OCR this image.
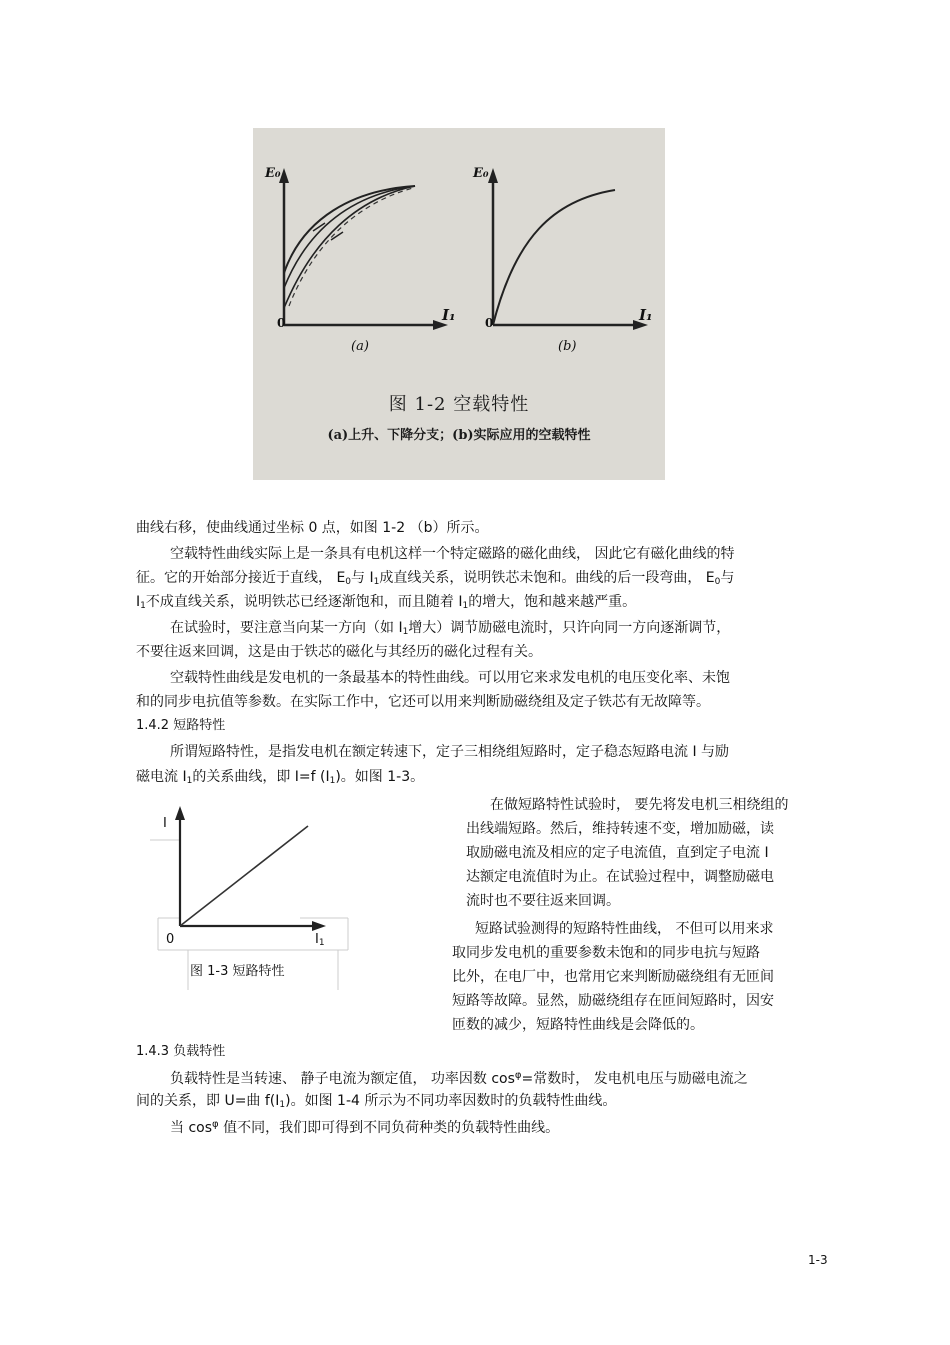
E₀
0	I₁
(a)
E₀
0	I₁
(b)
图 1-2 空载特性
(a)上升、下降分支；(b)实际应用的空载特性

曲线右移，使曲线通过坐标 0 点，如图 1-2 （b）所示。

空载特性曲线实际上是一条具有电机这样一个特定磁路的磁化曲线， 因此它有磁化曲线的特

征。它的开始部分接近于直线， $E_0$与 $I_1$成直线关系，说明铁芯未饱和。曲线的后一段弯曲， $E_0$与

$I_1$不成直线关系，说明铁芯已经逐渐饱和，而且随着 $I_1$的增大，饱和越来越严重。

在试验时，要注意当向某一方向（如 $I_1$增大）调节励磁电流时，只许向同一方向逐渐调节，

不要往返来回调，这是由于铁芯的磁化与其经历的磁化过程有关。

空载特性曲线是发电机的一条最基本的特性曲线。可以用它来求发电机的电压变化率、未饱

和的同步电抗值等参数。在实际工作中，它还可以用来判断励磁绕组及定子铁芯有无故障等。

1.4.2 短路特性

所谓短路特性，是指发电机在额定转速下，定子三相绕组短路时，定子稳态短路电流 I 与励

磁电流 $I_1$的关系曲线，即 I=f $(I_1)$。如图 1-3。

I
0	$I_1$
图 1-3 短路特性

在做短路特性试验时， 要先将发电机三相绕组的

出线端短路。然后，维持转速不变，增加励磁，读

取励磁电流及相应的定子电流值，直到定子电流 I

达额定电流值时为止。在试验过程中，调整励磁电

流时也不要往返来回调。

短路试验测得的短路特性曲线， 不但可以用来求

取同步发电机的重要参数未饱和的同步电抗与短路

比外，在电厂中，也常用它来判断励磁绕组有无匝间

短路等故障。显然，励磁绕组存在匝间短路时，因安

匝数的减少，短路特性曲线是会降低的。

1.4.3 负载特性

负载特性是当转速、 静子电流为额定值， 功率因数 $\cos^\varphi=$常数时， 发电机电压与励磁电流之

间的关系，即 U=曲 $f(I_1)$。如图 1-4 所示为不同功率因数时的负载特性曲线。

当 $\cos^\varphi$ 值不同，我们即可得到不同负荷种类的负载特性曲线。

1-3
